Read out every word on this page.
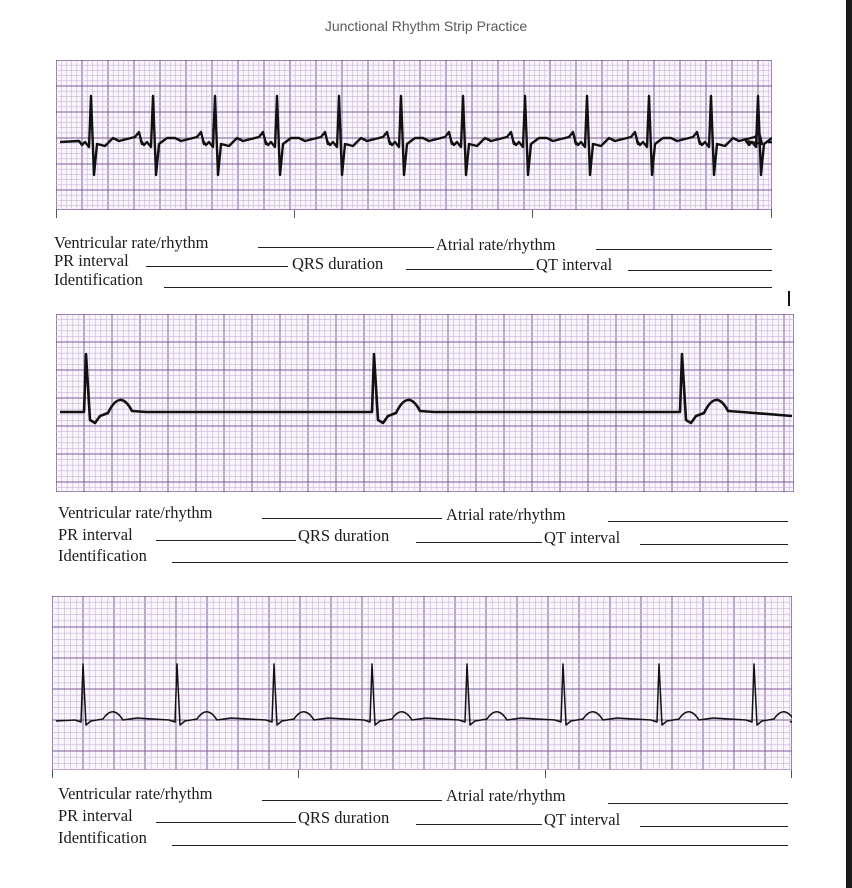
Junctional Rhythm Strip Practice
Ventricular rate/rhythm	Atrial rate/rhythm
PR interval	QRS duration	QT interval
Identification
Ventricular rate/rhythm	Atrial rate/rhythm
PR interval	QRS duration	QT interval
Identification
Ventricular rate/rhythm	Atrial rate/rhythm
PR interval	QRS duration	QT interval
Identification
